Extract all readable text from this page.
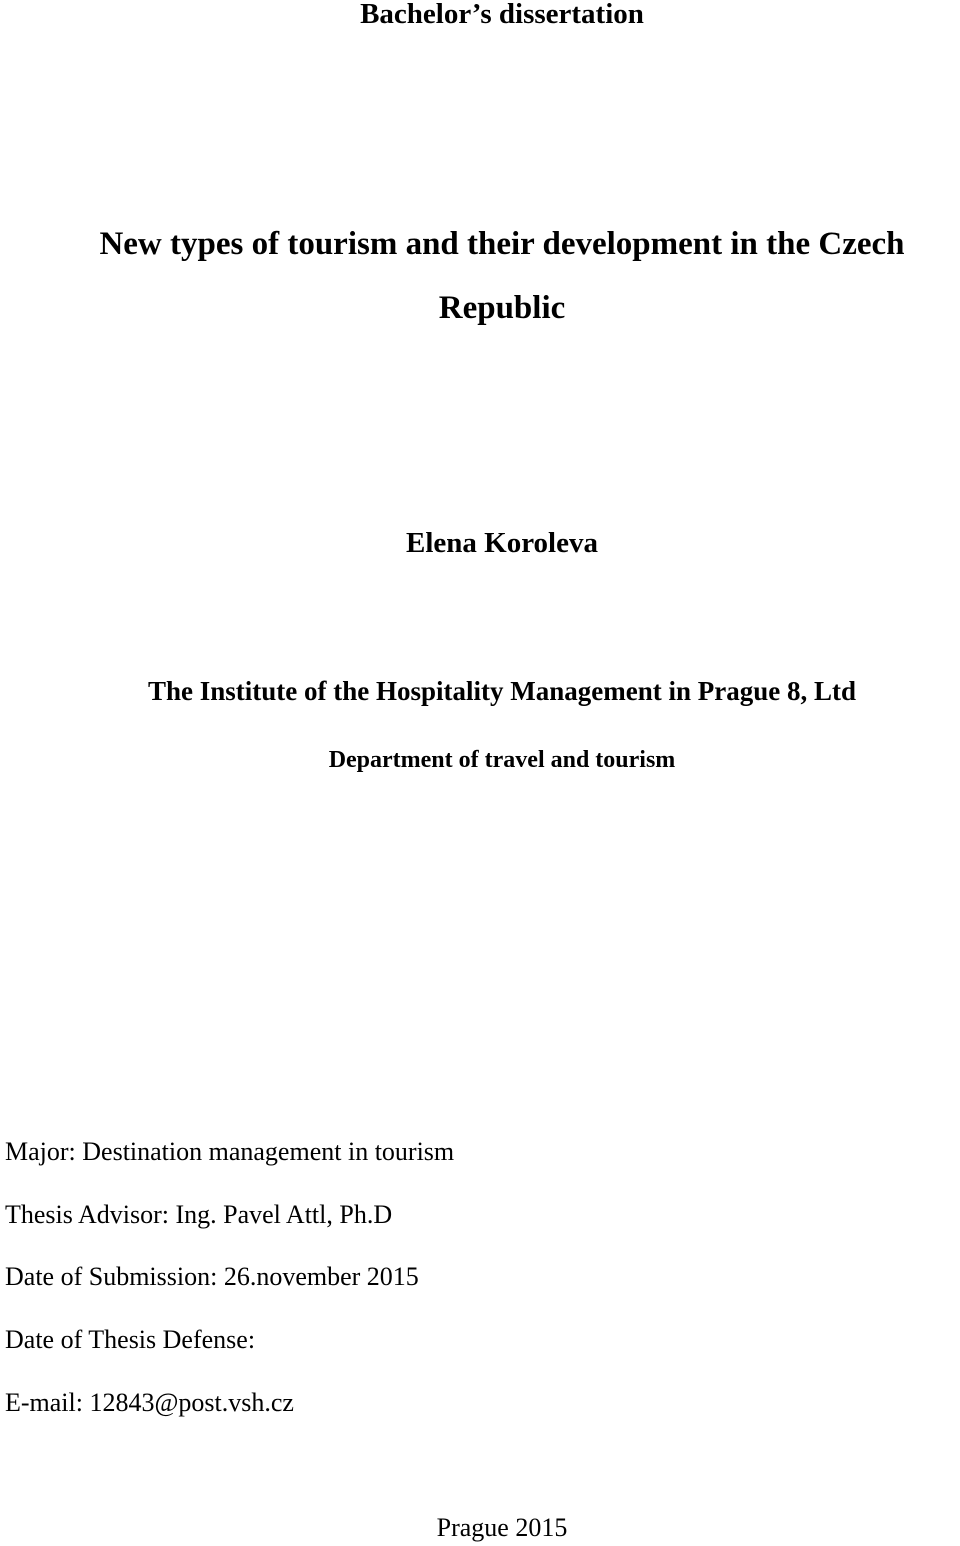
Bachelor’s dissertation

New types of tourism and their development in the Czech

Republic

Elena Koroleva

The Institute of the Hospitality Management in Prague 8, Ltd

Department of travel and tourism

Major: Destination management in tourism

Thesis Advisor: Ing. Pavel Attl, Ph.D

Date of Submission: 26.november 2015

Date of Thesis Defense:

E-mail: 12843@post.vsh.cz

Prague 2015
